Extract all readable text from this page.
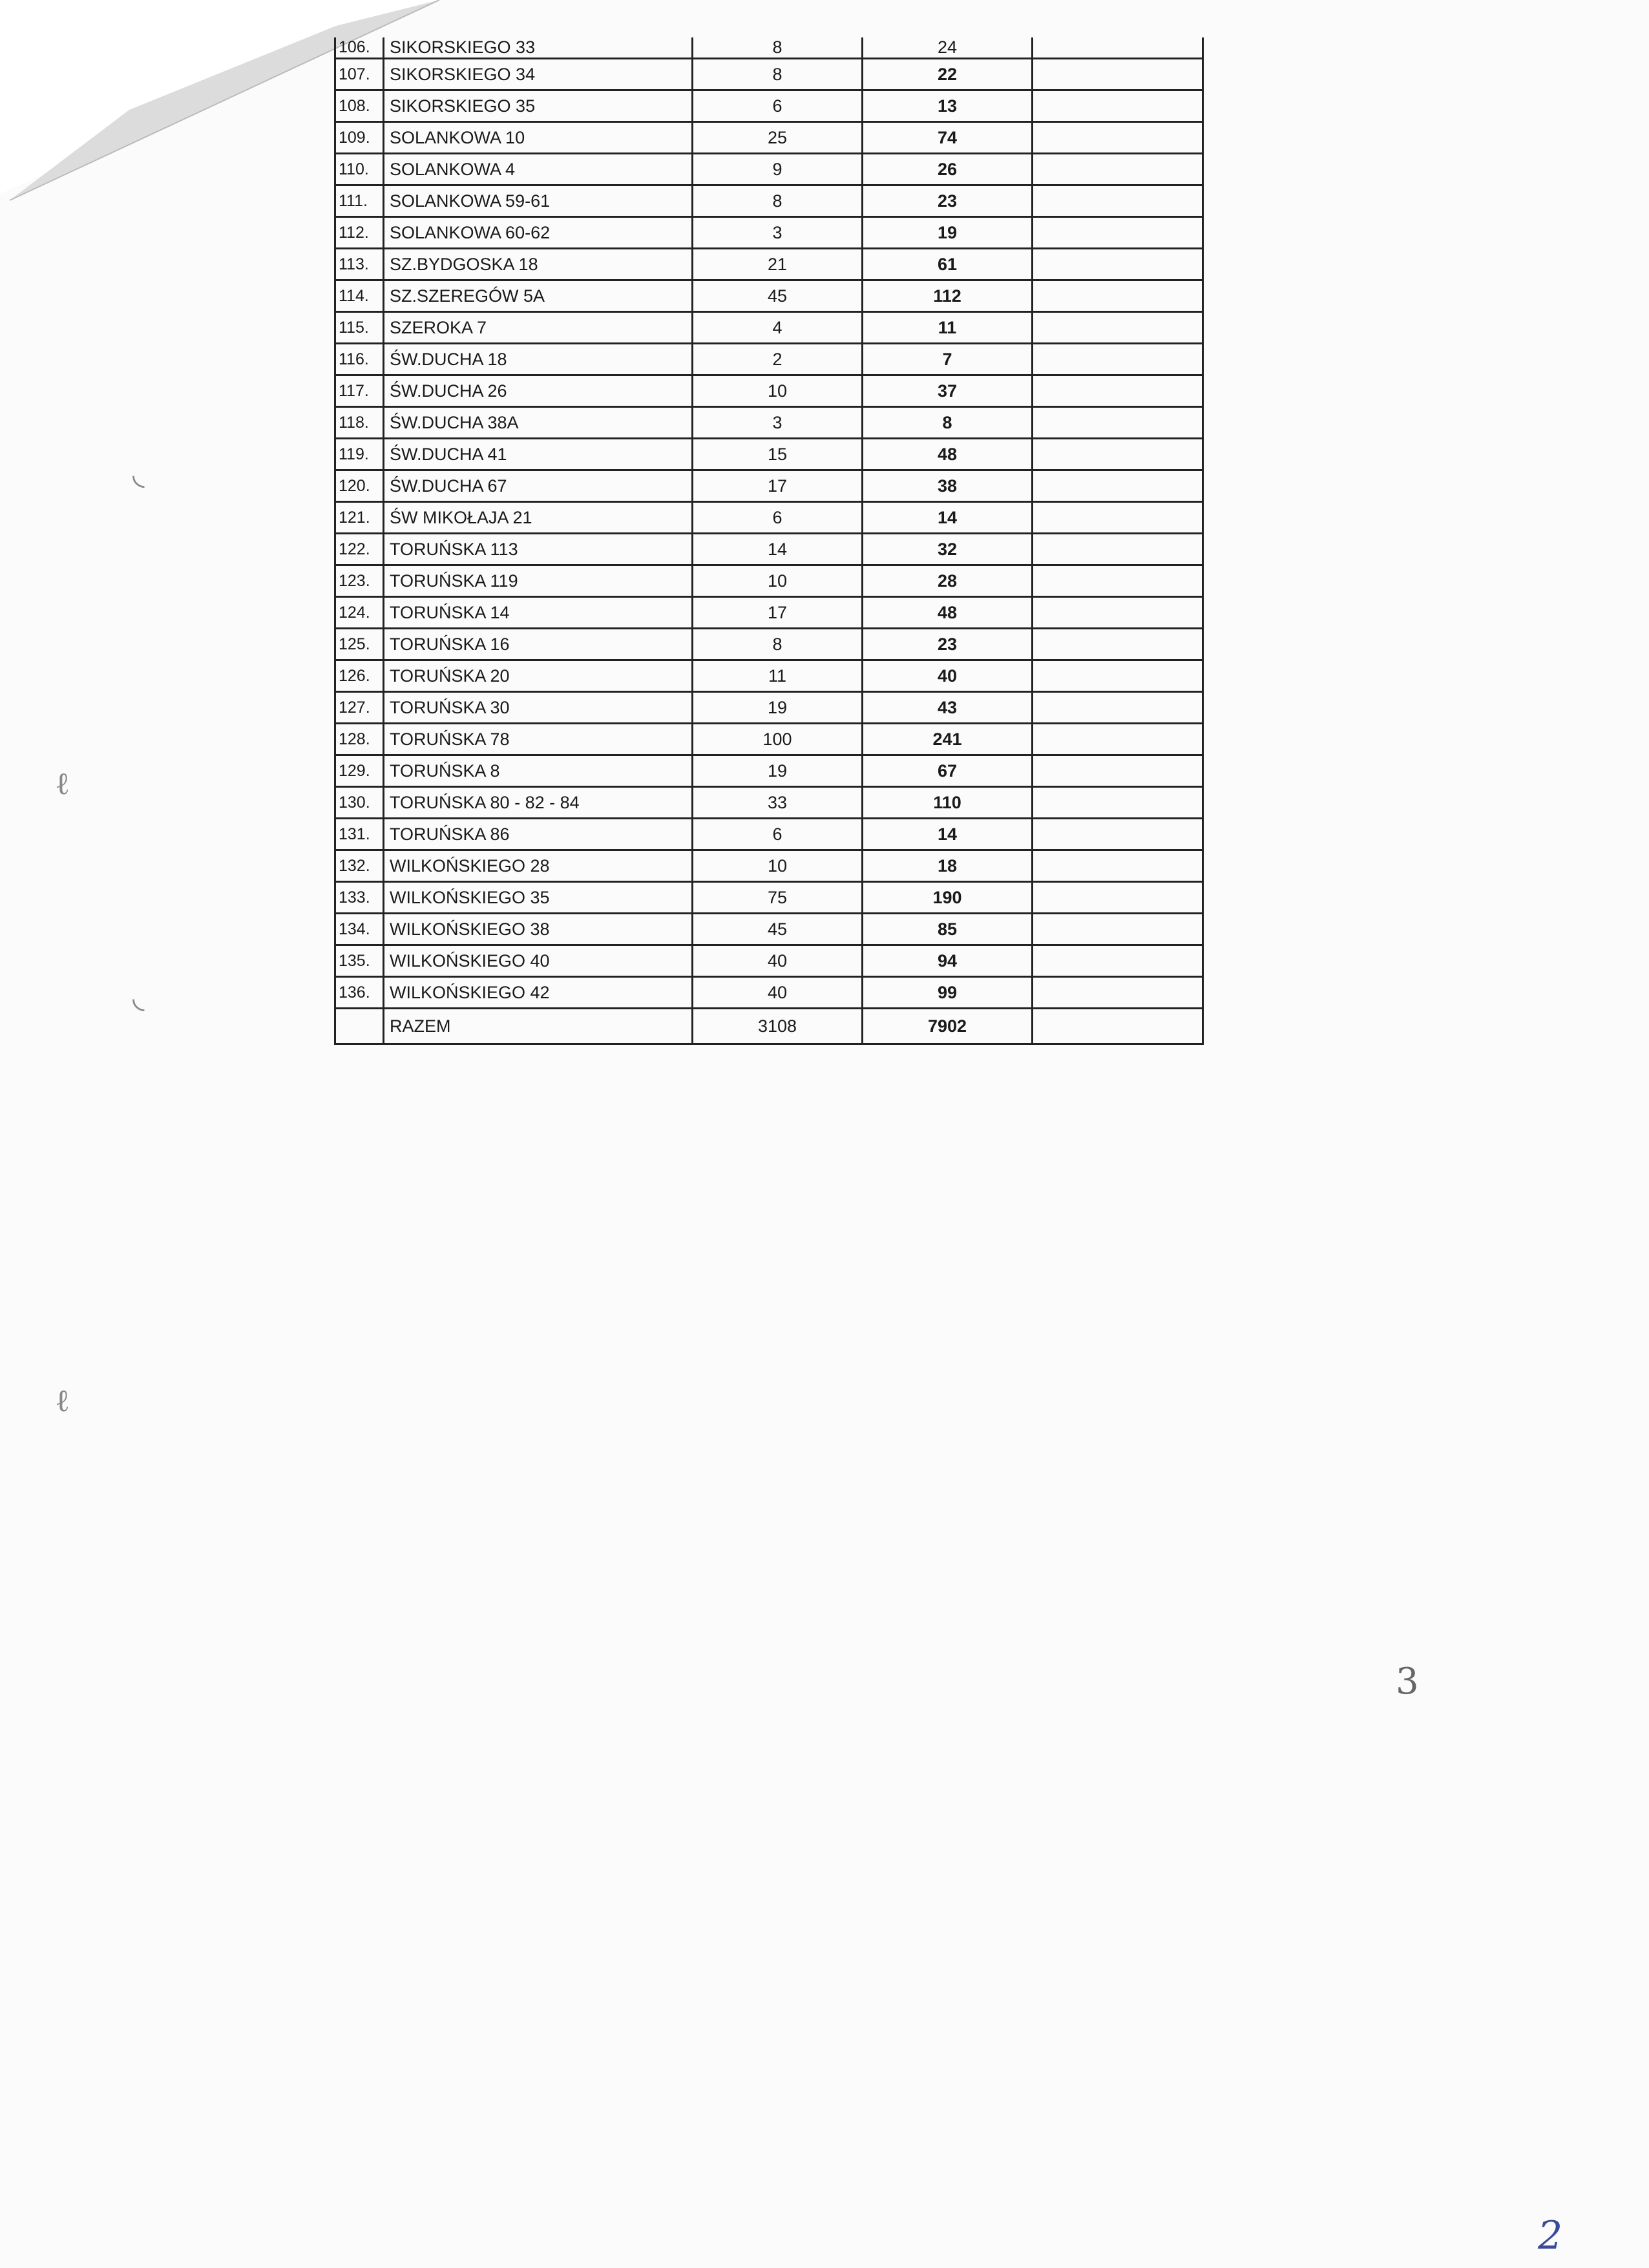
106.	SIKORSKIEGO 33	8	24	
107.	SIKORSKIEGO 34	8	22	
108.	SIKORSKIEGO 35	6	13	
109.	SOLANKOWA 10	25	74	
110.	SOLANKOWA 4	9	26	
111.	SOLANKOWA 59-61	8	23	
112.	SOLANKOWA 60-62	3	19	
113.	SZ.BYDGOSKA 18	21	61	
114.	SZ.SZEREGÓW 5A	45	112	
115.	SZEROKA 7	4	11	
116.	ŚW.DUCHA 18	2	7	
117.	ŚW.DUCHA 26	10	37	
118.	ŚW.DUCHA 38A	3	8	
119.	ŚW.DUCHA 41	15	48	
120.	ŚW.DUCHA 67	17	38	
121.	ŚW MIKOŁAJA 21	6	14	
122.	TORUŃSKA 113	14	32	
123.	TORUŃSKA 119	10	28	
124.	TORUŃSKA 14	17	48	
125.	TORUŃSKA 16	8	23	
126.	TORUŃSKA 20	11	40	
127.	TORUŃSKA 30	19	43	
128.	TORUŃSKA 78	100	241	
129.	TORUŃSKA 8	19	67	
130.	TORUŃSKA 80 - 82 - 84	33	110	
131.	TORUŃSKA 86	6	14	
132.	WILKOŃSKIEGO 28	10	18	
133.	WILKOŃSKIEGO 35	75	190	
134.	WILKOŃSKIEGO 38	45	85	
135.	WILKOŃSKIEGO 40	40	94	
136.	WILKOŃSKIEGO 42	40	99	
	RAZEM	3108	7902	
◟
ℓ
◟
ℓ
3
2
